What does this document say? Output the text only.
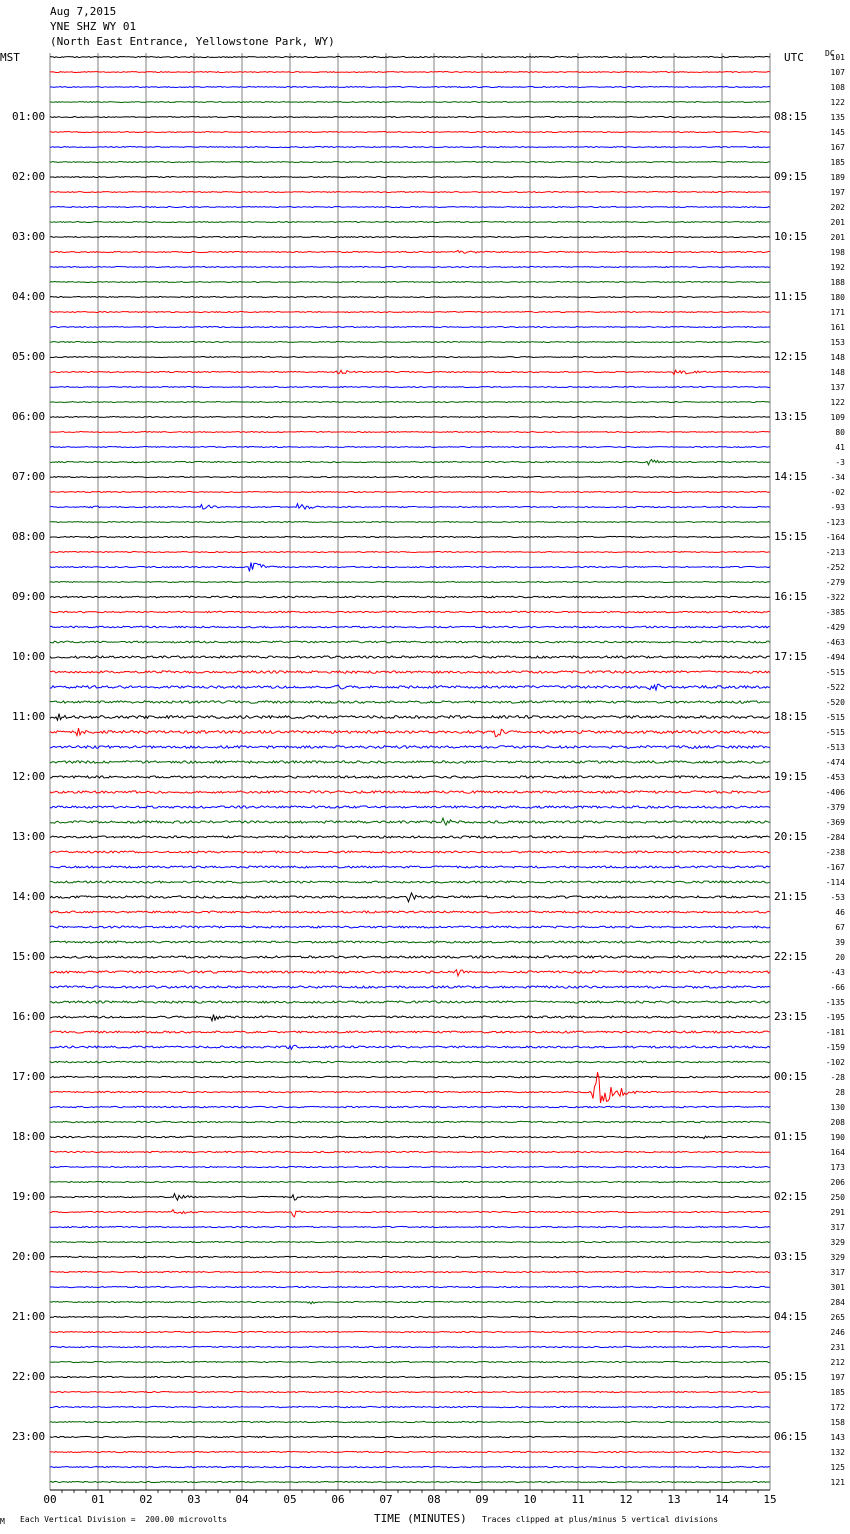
Aug 7,2015
YNE SHZ WY 01
(North East Entrance, Yellowstone Park, WY)
MST	UTC	DC
01:00	08:15
02:00	09:15
03:00	10:15
04:00	11:15
05:00	12:15
06:00	13:15
07:00	14:15
08:00	15:15
09:00	16:15
10:00	17:15
11:00	18:15
12:00	19:15
13:00	20:15
14:00	21:15
15:00	22:15
16:00	23:15
17:00	00:15
18:00	01:15
19:00	02:15
20:00	03:15
21:00	04:15
22:00	05:15
23:00	06:15
00	01	02	03	04	05	06	07	08	09	10	11	12	13	14	15
101
107
108
122
135
145
167
185
189
197
202
201
201
198
192
188
180
171
161
153
148
148
137
122
109
80
41
-3
-34
-02
-93
-123
-164
-213
-252
-279
-322
-385
-429
-463
-494
-515
-522
-520
-515
-515
-513
-474
-453
-406
-379
-369
-284
-238
-167
-114
-53
46
67
39
20
-43
-66
-135
-195
-181
-159
-102
-28
28
130
208
190
164
173
206
250
291
317
329
329
317
301
284
265
246
231
212
197
185
172
158
143
132
125
121
M Each Vertical Division =  200.00 microvolts	TIME (MINUTES) Traces clipped at plus/minus 5 vertical divisions
